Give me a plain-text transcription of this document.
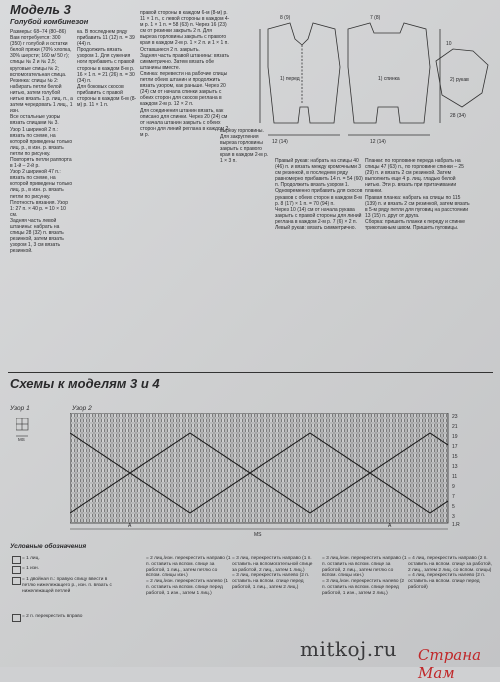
Модель 3
Голубой комбинезон
Размеры: 68–74 (80–86)
Вам потребуется: 300 (350) г голубой и остатки белой пряжи (70% хлопка, 30% шерсти; 160 м/ 50 г); спицы № 2 и № 2,5; круговые спицы № 2; вспомогательная спица.
Резинка: спицы № 2: набирать петли белой нитью, затем голубой нитью вязать 1 р. лиц. п., а затем чередовать 1 лиц., 1 изн.
Все остальные узоры вязать спицами № 3.
Узор 1 шириной 2 п.: вязать по схеме, на которой приведены только лиц. р., в изн. р. вязать петли по рисунку. Повторять петли раппорта в 1-й – 2-й р.
Узор 2 шириной 47 п.: вязать по схеме, на которой приведены только лиц. р., в изн. р. вязать петли по рисунку.
Плотность вязания. Узор 1: 27 п. × 40 р. = 10 × 10 см.
Задняя часть левой штанины: набрать на спицы 28 (32) п. вязать резинкой, затем вязать узором 1, 3 см вязать резинкой.
ка. В последнем ряду прибавить 11 (12) п. = 39 (44) п.
Продолжить вязать узором 1. Для сужения ноги прибавить с правой стороны в каждом 8-м р. 16 × 1 п. = 21 (26) п. = 30 (34) п.
Для боковых скосов прибавить с правой стороны в каждом 6-м (8-м) р. 11 × 1 п.
правой стороны в каждом 6-м (8-м) р. 11 × 1 п., с левой стороны в каждом 4-м р. 1 × 1 п. = 58 (63) п. Через 16 (23) см от резинки закрыть 2 п. Для выреза горловины закрыть с правого края в каждом 2-м р. 1 × 2 п. и 1 × 1 п. Оставшиеся 2 п. закрыть.
Задняя часть правой штанины: вязать симметрично. Затем вязать обе штанины вместе.
Спинка: перевести на рабочие спицы петли обеих штанин и продолжить вязать узором, как раньше. Через 20 (24) см от начала спинки закрыть с обеих сторон для скосов реглана в каждом 2-м р. 12 × 2 п.
Для соединения штанин вязать, как описано для спинки. Через 20 (24) см от начала штанин закрыть с обеих сторон для линий реглана в каждом 2-м р.
вырезу горловины. Для закругления выреза горловины закрыть с правого края в каждом 2-м р. 1 × 3 п.	Правый рукав: набрать на спицы 40 (46) п. и вязать между кромочными 3 см резинкой, в последнем ряду равномерно прибавить 14 п. = 54 (60) п. Продолжить вязать узором 1. Одновременно прибавить для скосов рукавов с обеих сторон в каждом 8-м р. 8 (17) × 1 п. = 70 (94) п.
Через 10 (14) см от начала рукава закрыть с правой стороны для линий реглана в каждом 2-м р. 7 (6) × 2 п.
Левый рукав: вязать симметрично.
Планки: по горловине переда набрать на спицы 47 (63) п., по горловине спинки – 25 (29) п. и вязать 2 см резинкой. Затем выполнить еще 4 р. лиц. гладью белой нитью. Эти р. вязать при притачивании планки.
Правая планка: набрать на спицы по 115 (139) п. и вязать 2 см резинкой, затем вязать в 5-м ряду петли для пуговиц на расстоянии 13 (15) п. друг от друга.
Сборка: пришить планки к переду и спинке трикотажным швом. Пришить пуговицы.
1) перед	1) спинка	2) рукав
12 (14)	12 (14)
8 (9)	7 (8)
10
28 (34)
Схемы к моделям 3 и 4
Узор 1	Узор 2
MS
23
21
19
17
15
13
11
9
7
5
3
1.R
A
MS
A
Условные обозначения
= 1 лиц.
= 1 изн.
= 1 двойная п.: правую спицу ввести в петлю нижележащего р., изн. п. вязать с нижележащей петлей
= 2 п. перекрестить вправо
= 2 лиц./изн. перекрестить направо (1 п. оставить на вспом. спице за работой, 1 лиц., затем петлю со вспом. спицы изн.)
= 2 лиц./изн. перекрестить налево (1 п. оставить на вспом. спице перед работой, 1 изн., затем 1 лиц.)
= 3 лиц. перекрестить направо (1 п. оставить на вспомогательной спице за работой, 2 лиц., затем 1 лиц.)
= 3 лиц. перекрестить налево (2 п. оставить на вспом. спице перед работой, 1 лиц., затем 2 лиц.)
= 3 лиц./изн. перекрестить направо (1 п. оставить на вспом. спице за работой, 2 лиц., затем петлю со вспом. спицы изн.)
= 3 лиц./изн. перекрестить налево (2 п. оставить на вспом. спице перед работой, 1 изн., затем 2 лиц.)
= 4 лиц. перекрестить направо (2 п. оставить на вспом. спице за работой, 2 лиц., затем 2 лиц. со вспом. спицы)
= 4 лиц. перекрестить налево (2 п. оставить на вспом. спице перед работой)
mitkoj.ru Страна Мам
